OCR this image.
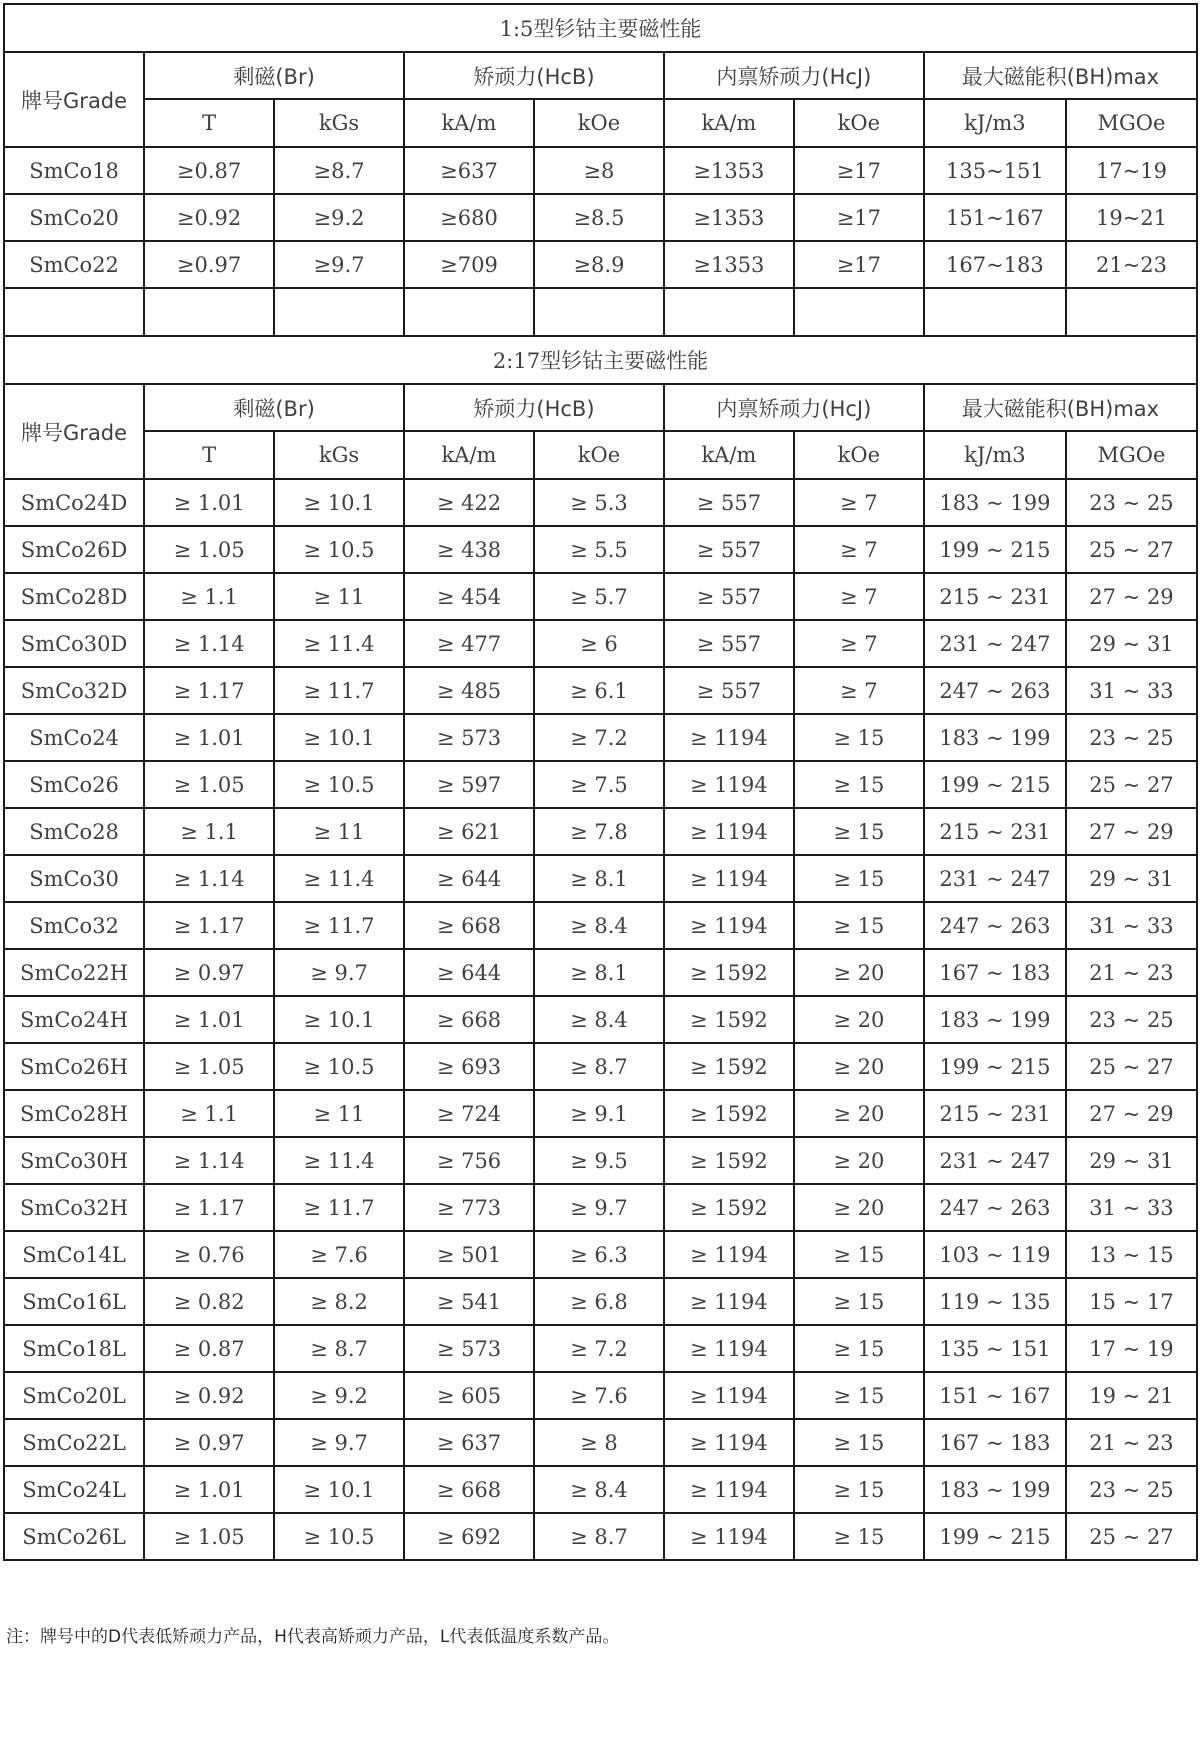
1:5型钐钴主要磁性能								
牌号Grade	剩磁(Br)		矫顽力(HcB)		内禀矫顽力(HcJ)		最大磁能积(BH)max	
	T	kGs	kA/m	kOe	kA/m	kOe	kJ/m3	MGOe
SmCo18	≥0.87	≥8.7	≥637	≥8	≥1353	≥17	135~151	17~19
SmCo20	≥0.92	≥9.2	≥680	≥8.5	≥1353	≥17	151~167	19~21
SmCo22	≥0.97	≥9.7	≥709	≥8.9	≥1353	≥17	167~183	21~23

2:17型钐钴主要磁性能								
牌号Grade	剩磁(Br)		矫顽力(HcB)		内禀矫顽力(HcJ)		最大磁能积(BH)max	
	T	kGs	kA/m	kOe	kA/m	kOe	kJ/m3	MGOe
SmCo24D	≥ 1.01	≥ 10.1	≥ 422	≥ 5.3	≥ 557	≥ 7	183 ~ 199	23 ~ 25
SmCo26D	≥ 1.05	≥ 10.5	≥ 438	≥ 5.5	≥ 557	≥ 7	199 ~ 215	25 ~ 27
SmCo28D	≥ 1.1	≥ 11	≥ 454	≥ 5.7	≥ 557	≥ 7	215 ~ 231	27 ~ 29
SmCo30D	≥ 1.14	≥ 11.4	≥ 477	≥ 6	≥ 557	≥ 7	231 ~ 247	29 ~ 31
SmCo32D	≥ 1.17	≥ 11.7	≥ 485	≥ 6.1	≥ 557	≥ 7	247 ~ 263	31 ~ 33
SmCo24	≥ 1.01	≥ 10.1	≥ 573	≥ 7.2	≥ 1194	≥ 15	183 ~ 199	23 ~ 25
SmCo26	≥ 1.05	≥ 10.5	≥ 597	≥ 7.5	≥ 1194	≥ 15	199 ~ 215	25 ~ 27
SmCo28	≥ 1.1	≥ 11	≥ 621	≥ 7.8	≥ 1194	≥ 15	215 ~ 231	27 ~ 29
SmCo30	≥ 1.14	≥ 11.4	≥ 644	≥ 8.1	≥ 1194	≥ 15	231 ~ 247	29 ~ 31
SmCo32	≥ 1.17	≥ 11.7	≥ 668	≥ 8.4	≥ 1194	≥ 15	247 ~ 263	31 ~ 33
SmCo22H	≥ 0.97	≥ 9.7	≥ 644	≥ 8.1	≥ 1592	≥ 20	167 ~ 183	21 ~ 23
SmCo24H	≥ 1.01	≥ 10.1	≥ 668	≥ 8.4	≥ 1592	≥ 20	183 ~ 199	23 ~ 25
SmCo26H	≥ 1.05	≥ 10.5	≥ 693	≥ 8.7	≥ 1592	≥ 20	199 ~ 215	25 ~ 27
SmCo28H	≥ 1.1	≥ 11	≥ 724	≥ 9.1	≥ 1592	≥ 20	215 ~ 231	27 ~ 29
SmCo30H	≥ 1.14	≥ 11.4	≥ 756	≥ 9.5	≥ 1592	≥ 20	231 ~ 247	29 ~ 31
SmCo32H	≥ 1.17	≥ 11.7	≥ 773	≥ 9.7	≥ 1592	≥ 20	247 ~ 263	31 ~ 33
SmCo14L	≥ 0.76	≥ 7.6	≥ 501	≥ 6.3	≥ 1194	≥ 15	103 ~ 119	13 ~ 15
SmCo16L	≥ 0.82	≥ 8.2	≥ 541	≥ 6.8	≥ 1194	≥ 15	119 ~ 135	15 ~ 17
SmCo18L	≥ 0.87	≥ 8.7	≥ 573	≥ 7.2	≥ 1194	≥ 15	135 ~ 151	17 ~ 19
SmCo20L	≥ 0.92	≥ 9.2	≥ 605	≥ 7.6	≥ 1194	≥ 15	151 ~ 167	19 ~ 21
SmCo22L	≥ 0.97	≥ 9.7	≥ 637	≥ 8	≥ 1194	≥ 15	167 ~ 183	21 ~ 23
SmCo24L	≥ 1.01	≥ 10.1	≥ 668	≥ 8.4	≥ 1194	≥ 15	183 ~ 199	23 ~ 25
SmCo26L	≥ 1.05	≥ 10.5	≥ 692	≥ 8.7	≥ 1194	≥ 15	199 ~ 215	25 ~ 27
注：牌号中的D代表低矫顽力产品，H代表高矫顽力产品，L代表低温度系数产品。
